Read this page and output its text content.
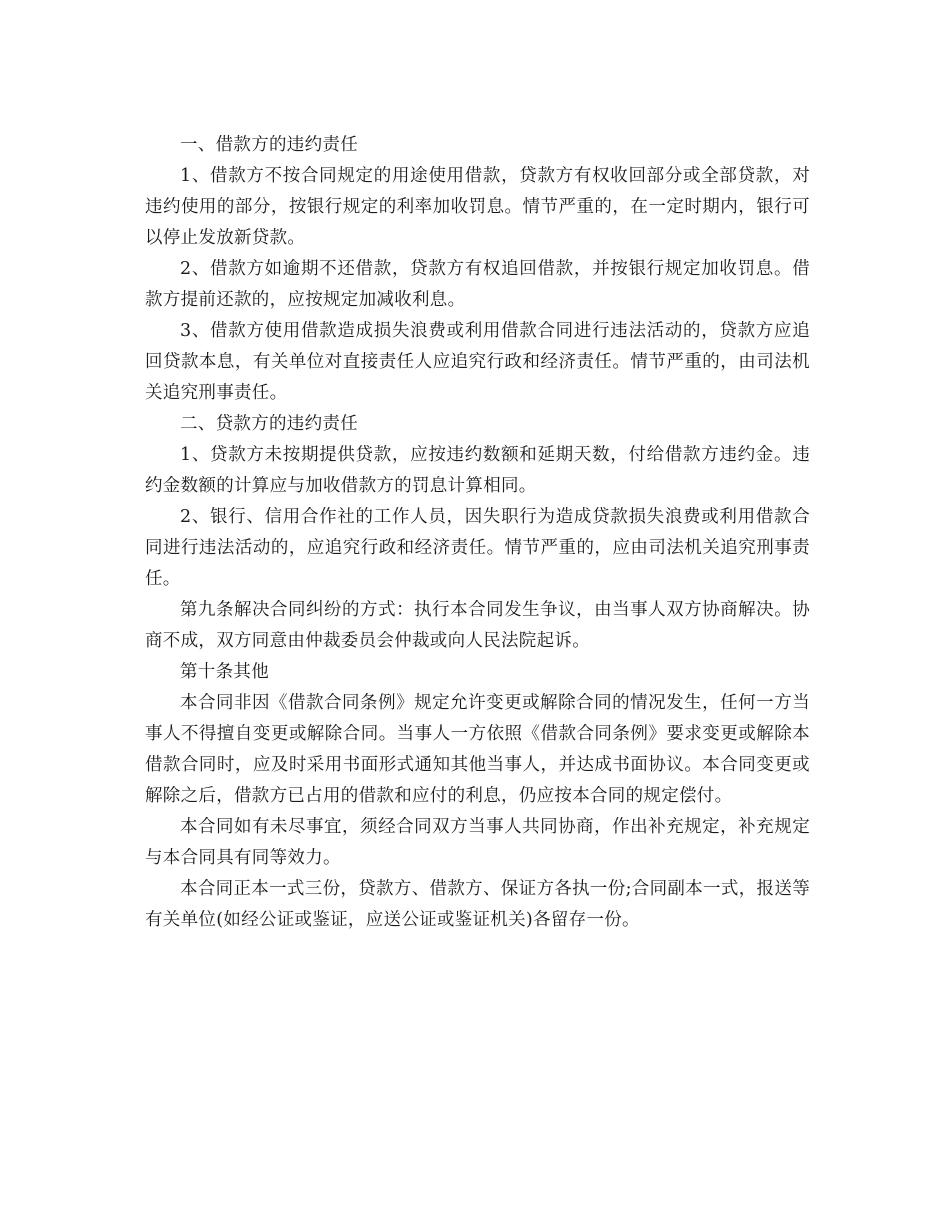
一、借款方的违约责任

1、借款方不按合同规定的用途使用借款，贷款方有权收回部分或全部贷款，对违约使用的部分，按银行规定的利率加收罚息。情节严重的，在一定时期内，银行可以停止发放新贷款。

2、借款方如逾期不还借款，贷款方有权追回借款，并按银行规定加收罚息。借款方提前还款的，应按规定加减收利息。

3、借款方使用借款造成损失浪费或利用借款合同进行违法活动的，贷款方应追回贷款本息，有关单位对直接责任人应追究行政和经济责任。情节严重的，由司法机关追究刑事责任。

二、贷款方的违约责任

1、贷款方未按期提供贷款，应按违约数额和延期天数，付给借款方违约金。违约金数额的计算应与加收借款方的罚息计算相同。

2、银行、信用合作社的工作人员，因失职行为造成贷款损失浪费或利用借款合同进行违法活动的，应追究行政和经济责任。情节严重的，应由司法机关追究刑事责任。

第九条解决合同纠纷的方式：执行本合同发生争议，由当事人双方协商解决。协商不成，双方同意由仲裁委员会仲裁或向人民法院起诉。

第十条其他

本合同非因《借款合同条例》规定允许变更或解除合同的情况发生，任何一方当事人不得擅自变更或解除合同。当事人一方依照《借款合同条例》要求变更或解除本借款合同时，应及时采用书面形式通知其他当事人，并达成书面协议。本合同变更或解除之后，借款方已占用的借款和应付的利息，仍应按本合同的规定偿付。

本合同如有未尽事宜，须经合同双方当事人共同协商，作出补充规定，补充规定与本合同具有同等效力。

本合同正本一式三份，贷款方、借款方、保证方各执一份;合同副本一式，报送等有关单位(如经公证或鉴证，应送公证或鉴证机关)各留存一份。
